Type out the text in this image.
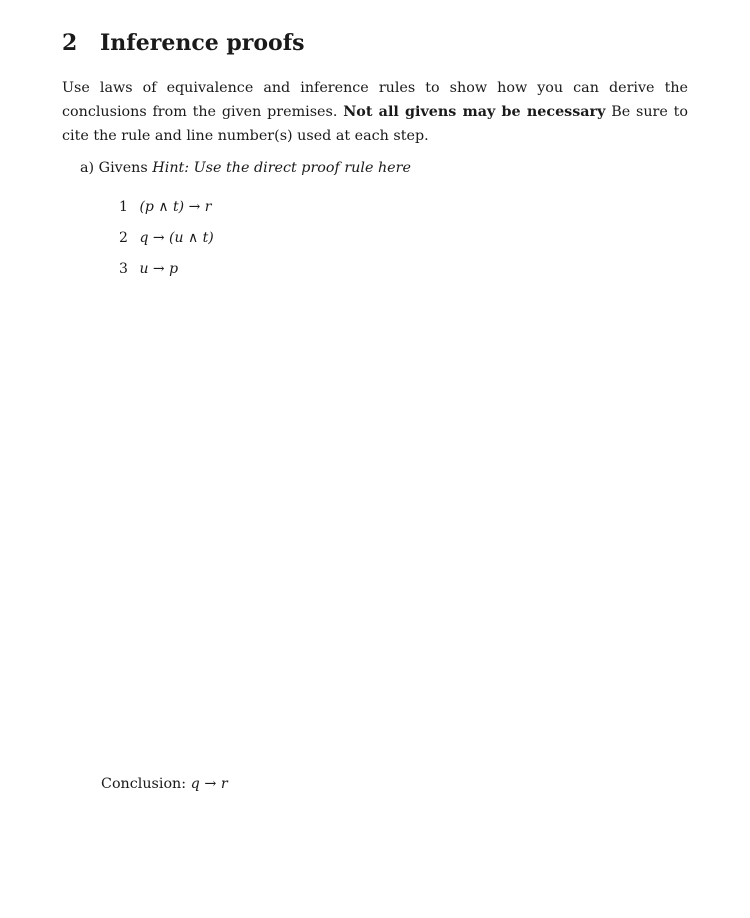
2 Inference proofs
Use laws of equivalence and inference rules to show how you can derive the conclusions from the given premises. Not all givens may be necessary Be sure to cite the rule and line number(s) used at each step.
a) Givens Hint: Use the direct proof rule here
1 (p ∧ t) → r
2 q → (u ∧ t)
3 u → p
Conclusion: q → r
